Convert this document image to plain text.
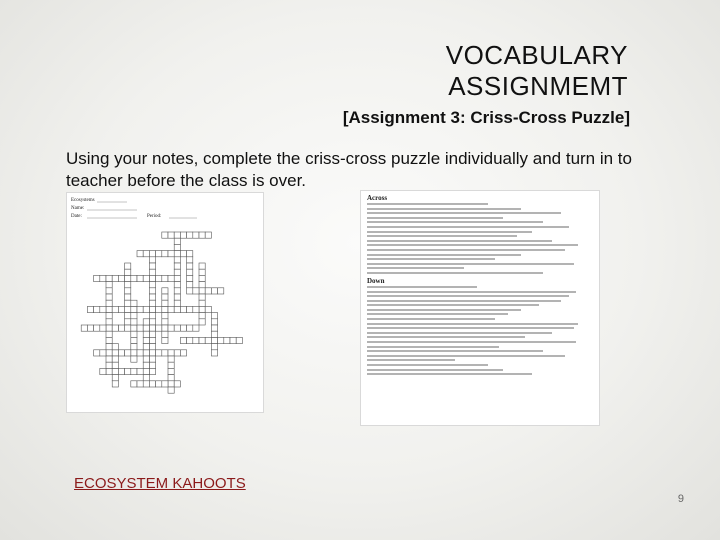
VOCABULARY
ASSIGNMEMT
[Assignment 3: Criss-Cross Puzzle]
Using your notes, complete the criss-cross puzzle individually and turn in to teacher before the class is over.
Ecosystems
Name:
Date:	Period:
Across
Down
ECOSYSTEM KAHOOTS
9
